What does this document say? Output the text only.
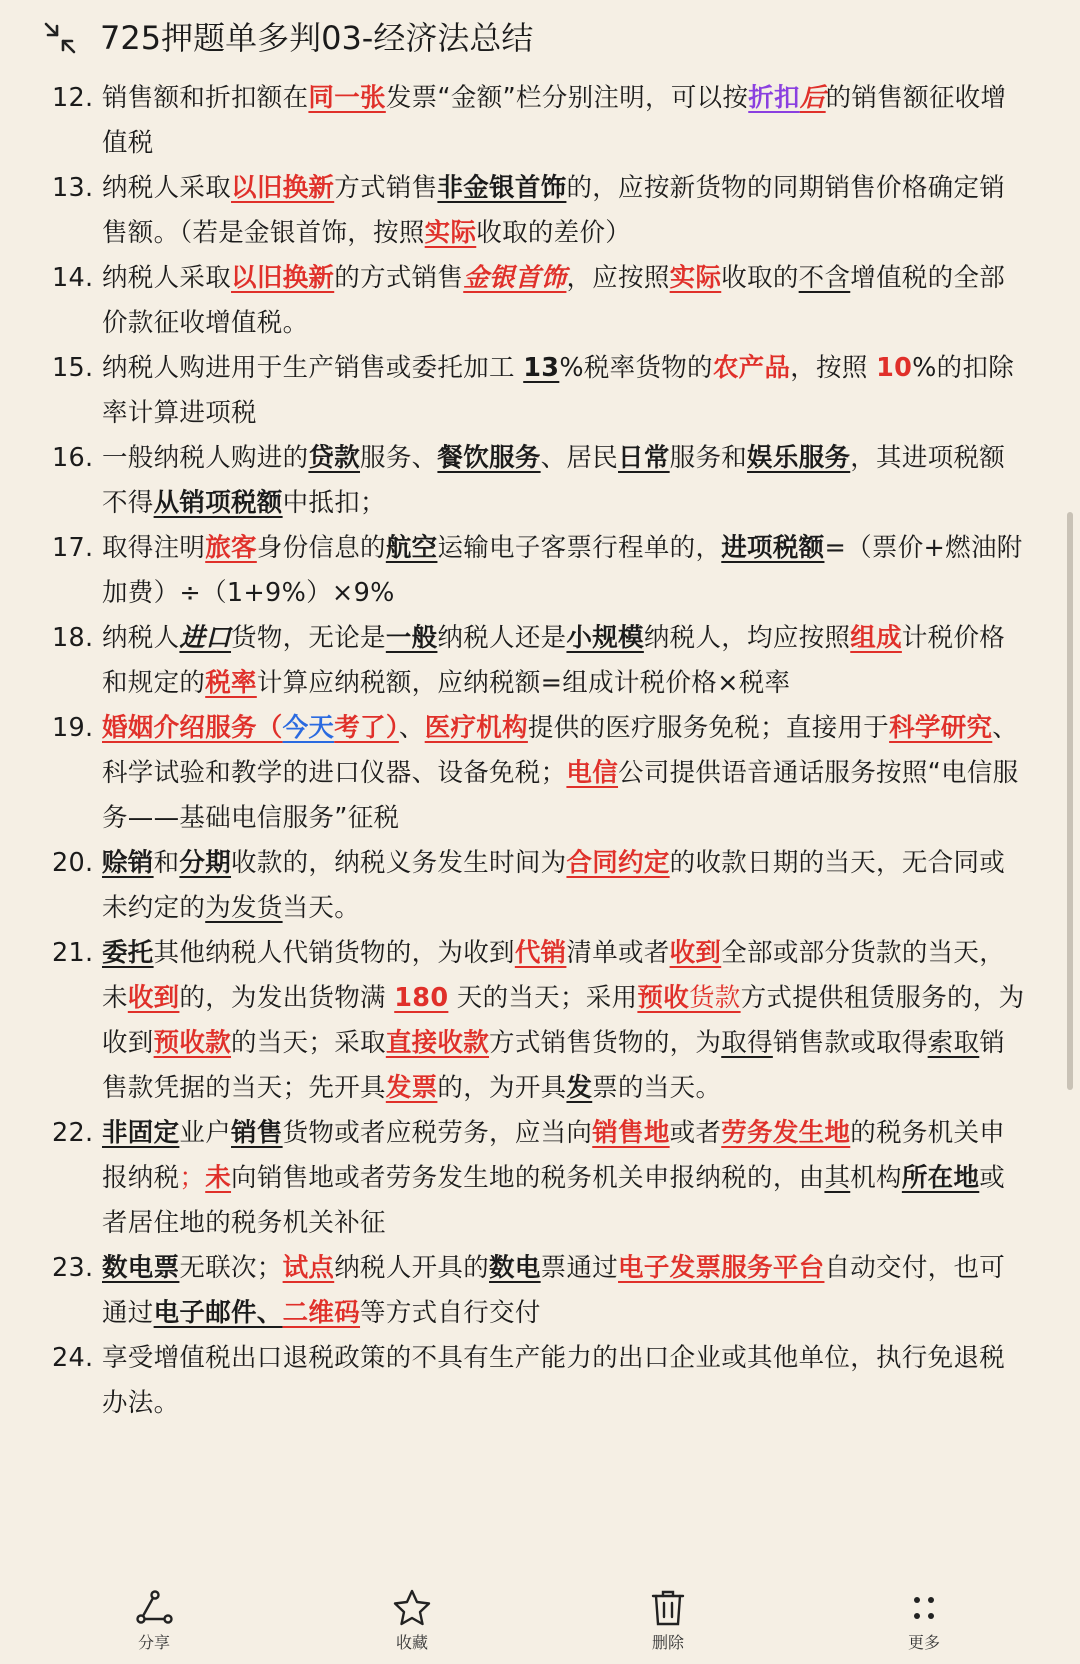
725押题单多判03-经济法总结
12. 销售额和折扣额在同一张发票“金额”栏分别注明，可以按折扣后的销售额征收增值税
13. 纳税人采取以旧换新方式销售非金银首饰的，应按新货物的同期销售价格确定销售额。（若是金银首饰，按照实际收取的差价）
14. 纳税人采取以旧换新的方式销售金银首饰，应按照实际收取的不含增值税的全部价款征收增值税。
15. 纳税人购进用于生产销售或委托加工 13%税率货物的农产品，按照 10%的扣除率计算进项税
16. 一般纳税人购进的贷款服务、餐饮服务、居民日常服务和娱乐服务，其进项税额不得从销项税额中抵扣；
17. 取得注明旅客身份信息的航空运输电子客票行程单的，进项税额=（票价+燃油附加费）÷（1+9%）×9%
18. 纳税人进口货物，无论是一般纳税人还是小规模纳税人，均应按照组成计税价格和规定的税率计算应纳税额，应纳税额=组成计税价格×税率
19. 婚姻介绍服务（今天考了）、医疗机构提供的医疗服务免税；直接用于科学研究、科学试验和教学的进口仪器、设备免税；电信公司提供语音通话服务按照“电信服务——基础电信服务”征税
20. 赊销和分期收款的，纳税义务发生时间为合同约定的收款日期的当天，无合同或未约定的为发货当天。
21. 委托其他纳税人代销货物的，为收到代销清单或者收到全部或部分货款的当天，未收到的，为发出货物满 180 天的当天；采用预收货款方式提供租赁服务的，为收到预收款的当天；采取直接收款方式销售货物的，为取得销售款或取得索取销售款凭据的当天；先开具发票的，为开具发票的当天。
22. 非固定业户销售货物或者应税劳务，应当向销售地或者劳务发生地的税务机关申报纳税；未向销售地或者劳务发生地的税务机关申报纳税的，由其机构所在地或者居住地的税务机关补征
23. 数电票无联次；试点纳税人开具的数电票通过电子发票服务平台自动交付，也可通过电子邮件、二维码等方式自行交付
24. 享受增值税出口退税政策的不具有生产能力的出口企业或其他单位，执行免退税办法。
分享	收藏	删除	更多
